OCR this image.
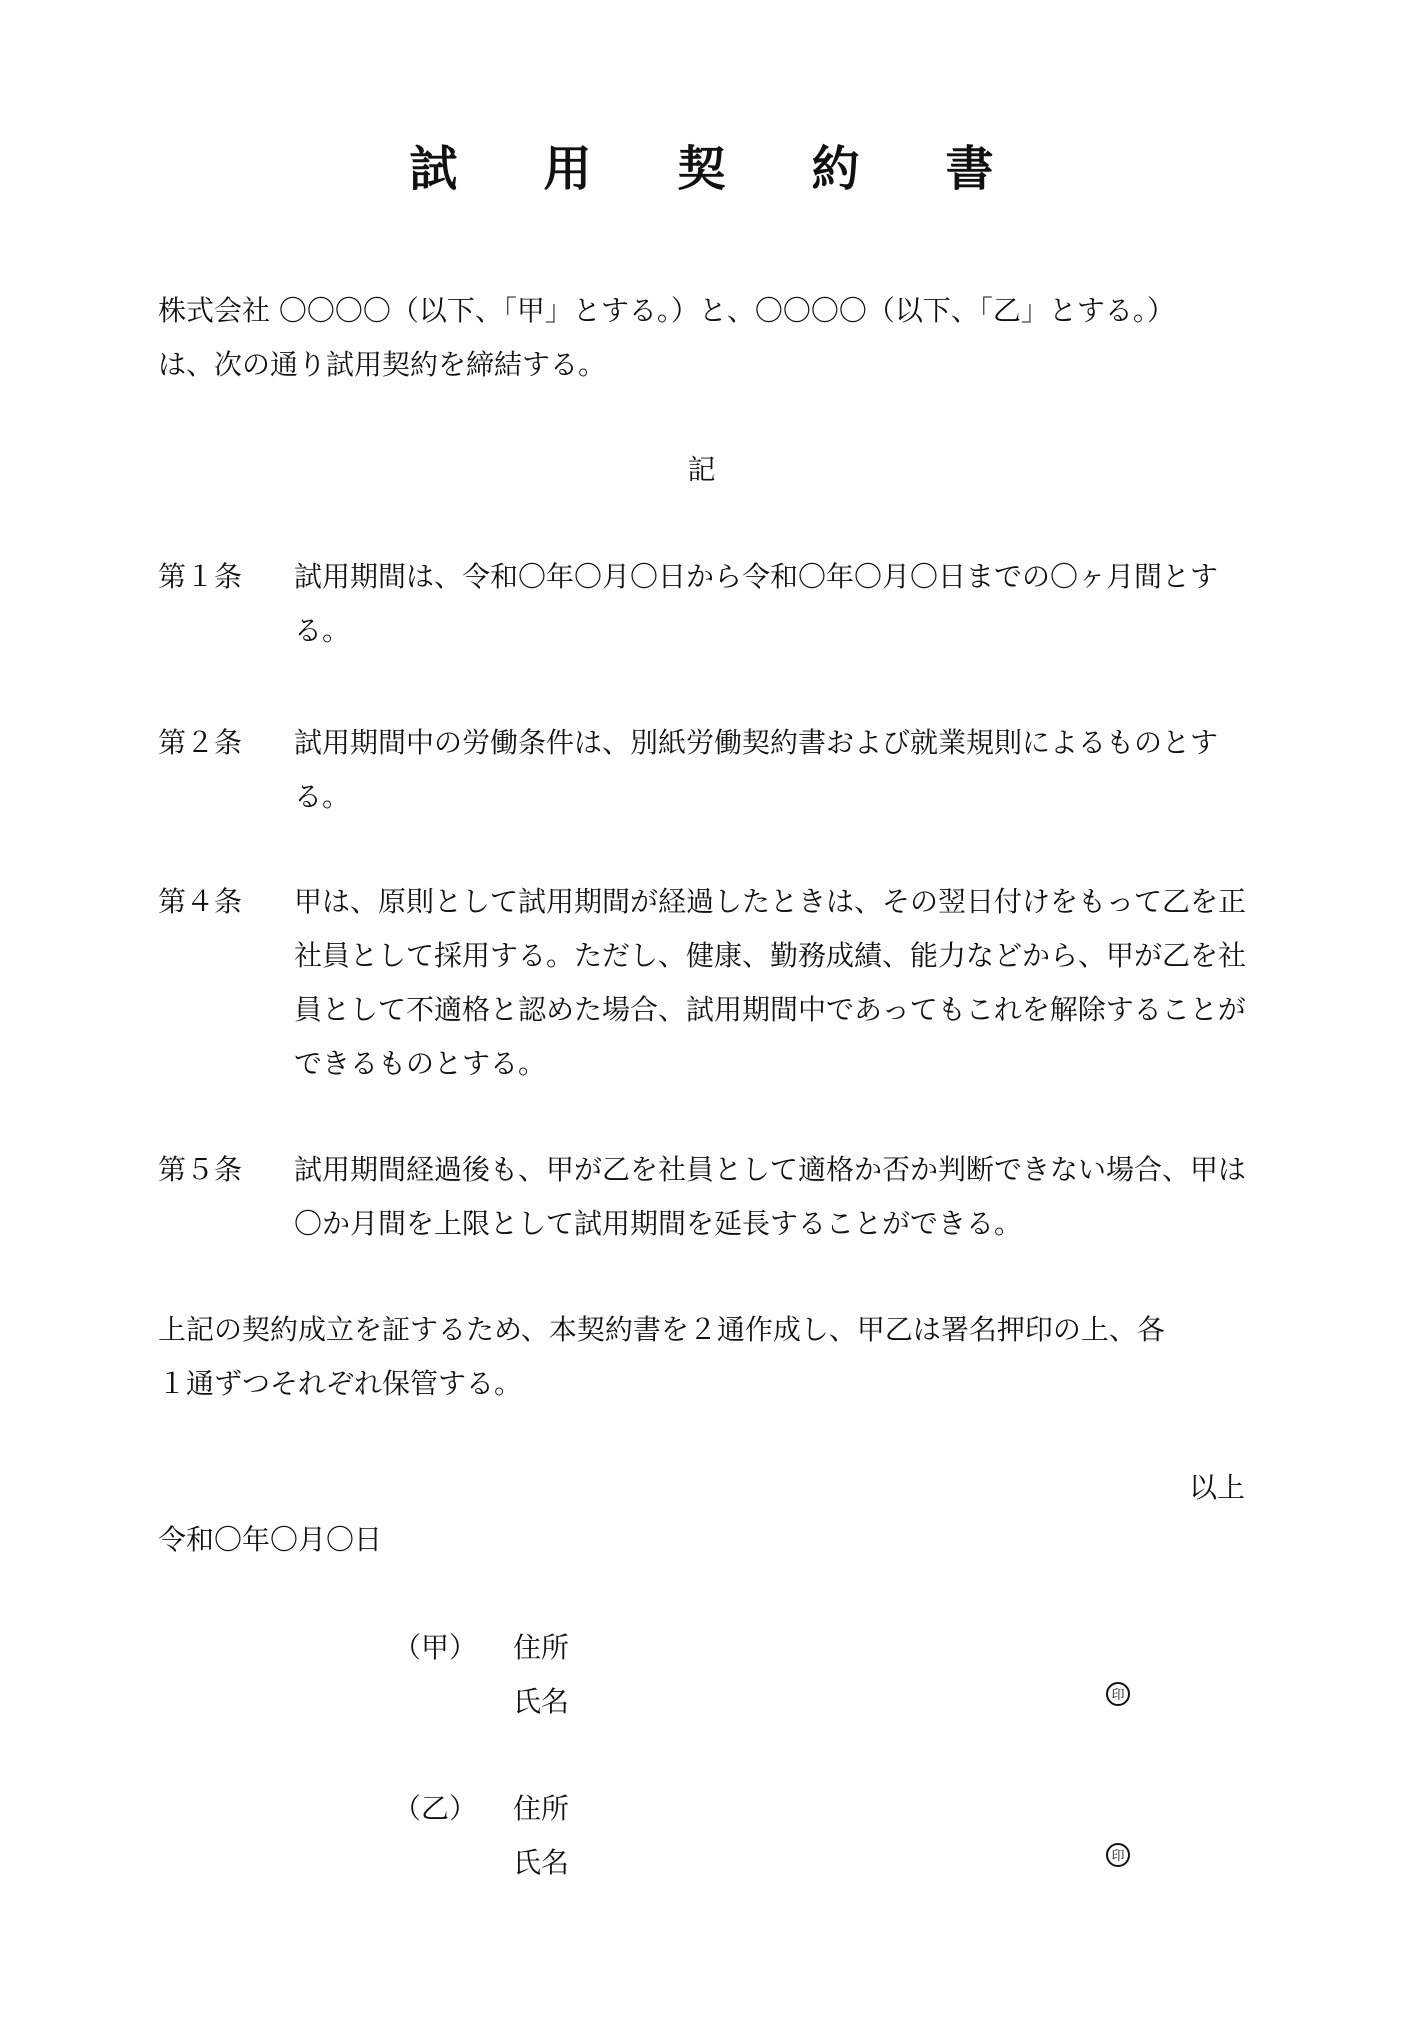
試 用 契 約 書
株式会社 〇〇〇〇（以下、「甲」とする。）と、〇〇〇〇（以下、「乙」とする。）
は、次の通り試用契約を締結する。
記
第１条	試用期間は、令和〇年〇月〇日から令和〇年〇月〇日までの〇ヶ月間とする。
第２条	試用期間中の労働条件は、別紙労働契約書および就業規則によるものとする。
第４条	甲は、原則として試用期間が経過したときは、その翌日付けをもって乙を正社員として採用する。ただし、健康、勤務成績、能力などから、甲が乙を社員として不適格と認めた場合、試用期間中であってもこれを解除することができるものとする。
第５条	試用期間経過後も、甲が乙を社員として適格か否か判断できない場合、甲は〇か月間を上限として試用期間を延長することができる。
上記の契約成立を証するため、本契約書を２通作成し、甲乙は署名押印の上、各
１通ずつそれぞれ保管する。
以上
令和〇年〇月〇日
（甲） 住所
氏名	印
（乙） 住所
氏名	印
